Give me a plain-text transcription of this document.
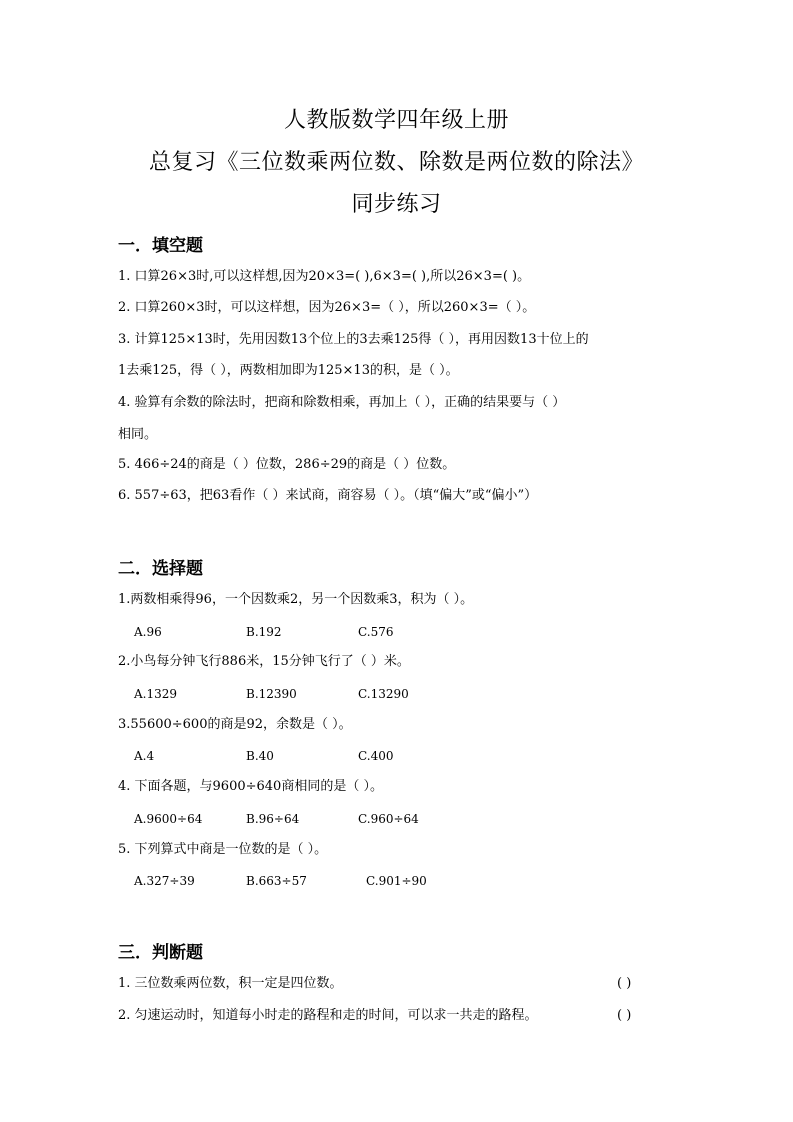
人教版数学四年级上册
总复习《三位数乘两位数、除数是两位数的除法》
同步练习
一．填空题
1. 口算26×3时,可以这样想,因为20×3=( ),6×3=( ),所以26×3=( )。
2. 口算260×3时，可以这样想，因为26×3=（ ），所以260×3=（ ）。
3. 计算125×13时，先用因数13个位上的3去乘125得（ ），再用因数13十位上的
1去乘125，得（ ），两数相加即为125×13的积，是（ ）。
4. 验算有余数的除法时，把商和除数相乘，再加上（ ），正确的结果要与（ ）
相同。
5. 466÷24的商是（ ）位数，286÷29的商是（ ）位数。
6. 557÷63，把63看作（ ）来试商，商容易（ ）。（填“偏大”或“偏小”）
二．选择题
1.两数相乘得96，一个因数乘2，另一个因数乘3，积为（ ）。
A.96	B.192	C.576
2.小鸟每分钟飞行886米，15分钟飞行了（ ）米。
A.1329	B.12390	C.13290
3.55600÷600的商是92，余数是（ ）。
A.4	B.40	C.400
4. 下面各题，与9600÷640商相同的是（ ）。
A.9600÷64	B.96÷64	C.960÷64
5. 下列算式中商是一位数的是（ ）。
A.327÷39	B.663÷57	C.901÷90
三．判断题
1. 三位数乘两位数，积一定是四位数。	( )
2. 匀速运动时，知道每小时走的路程和走的时间，可以求一共走的路程。	( )
